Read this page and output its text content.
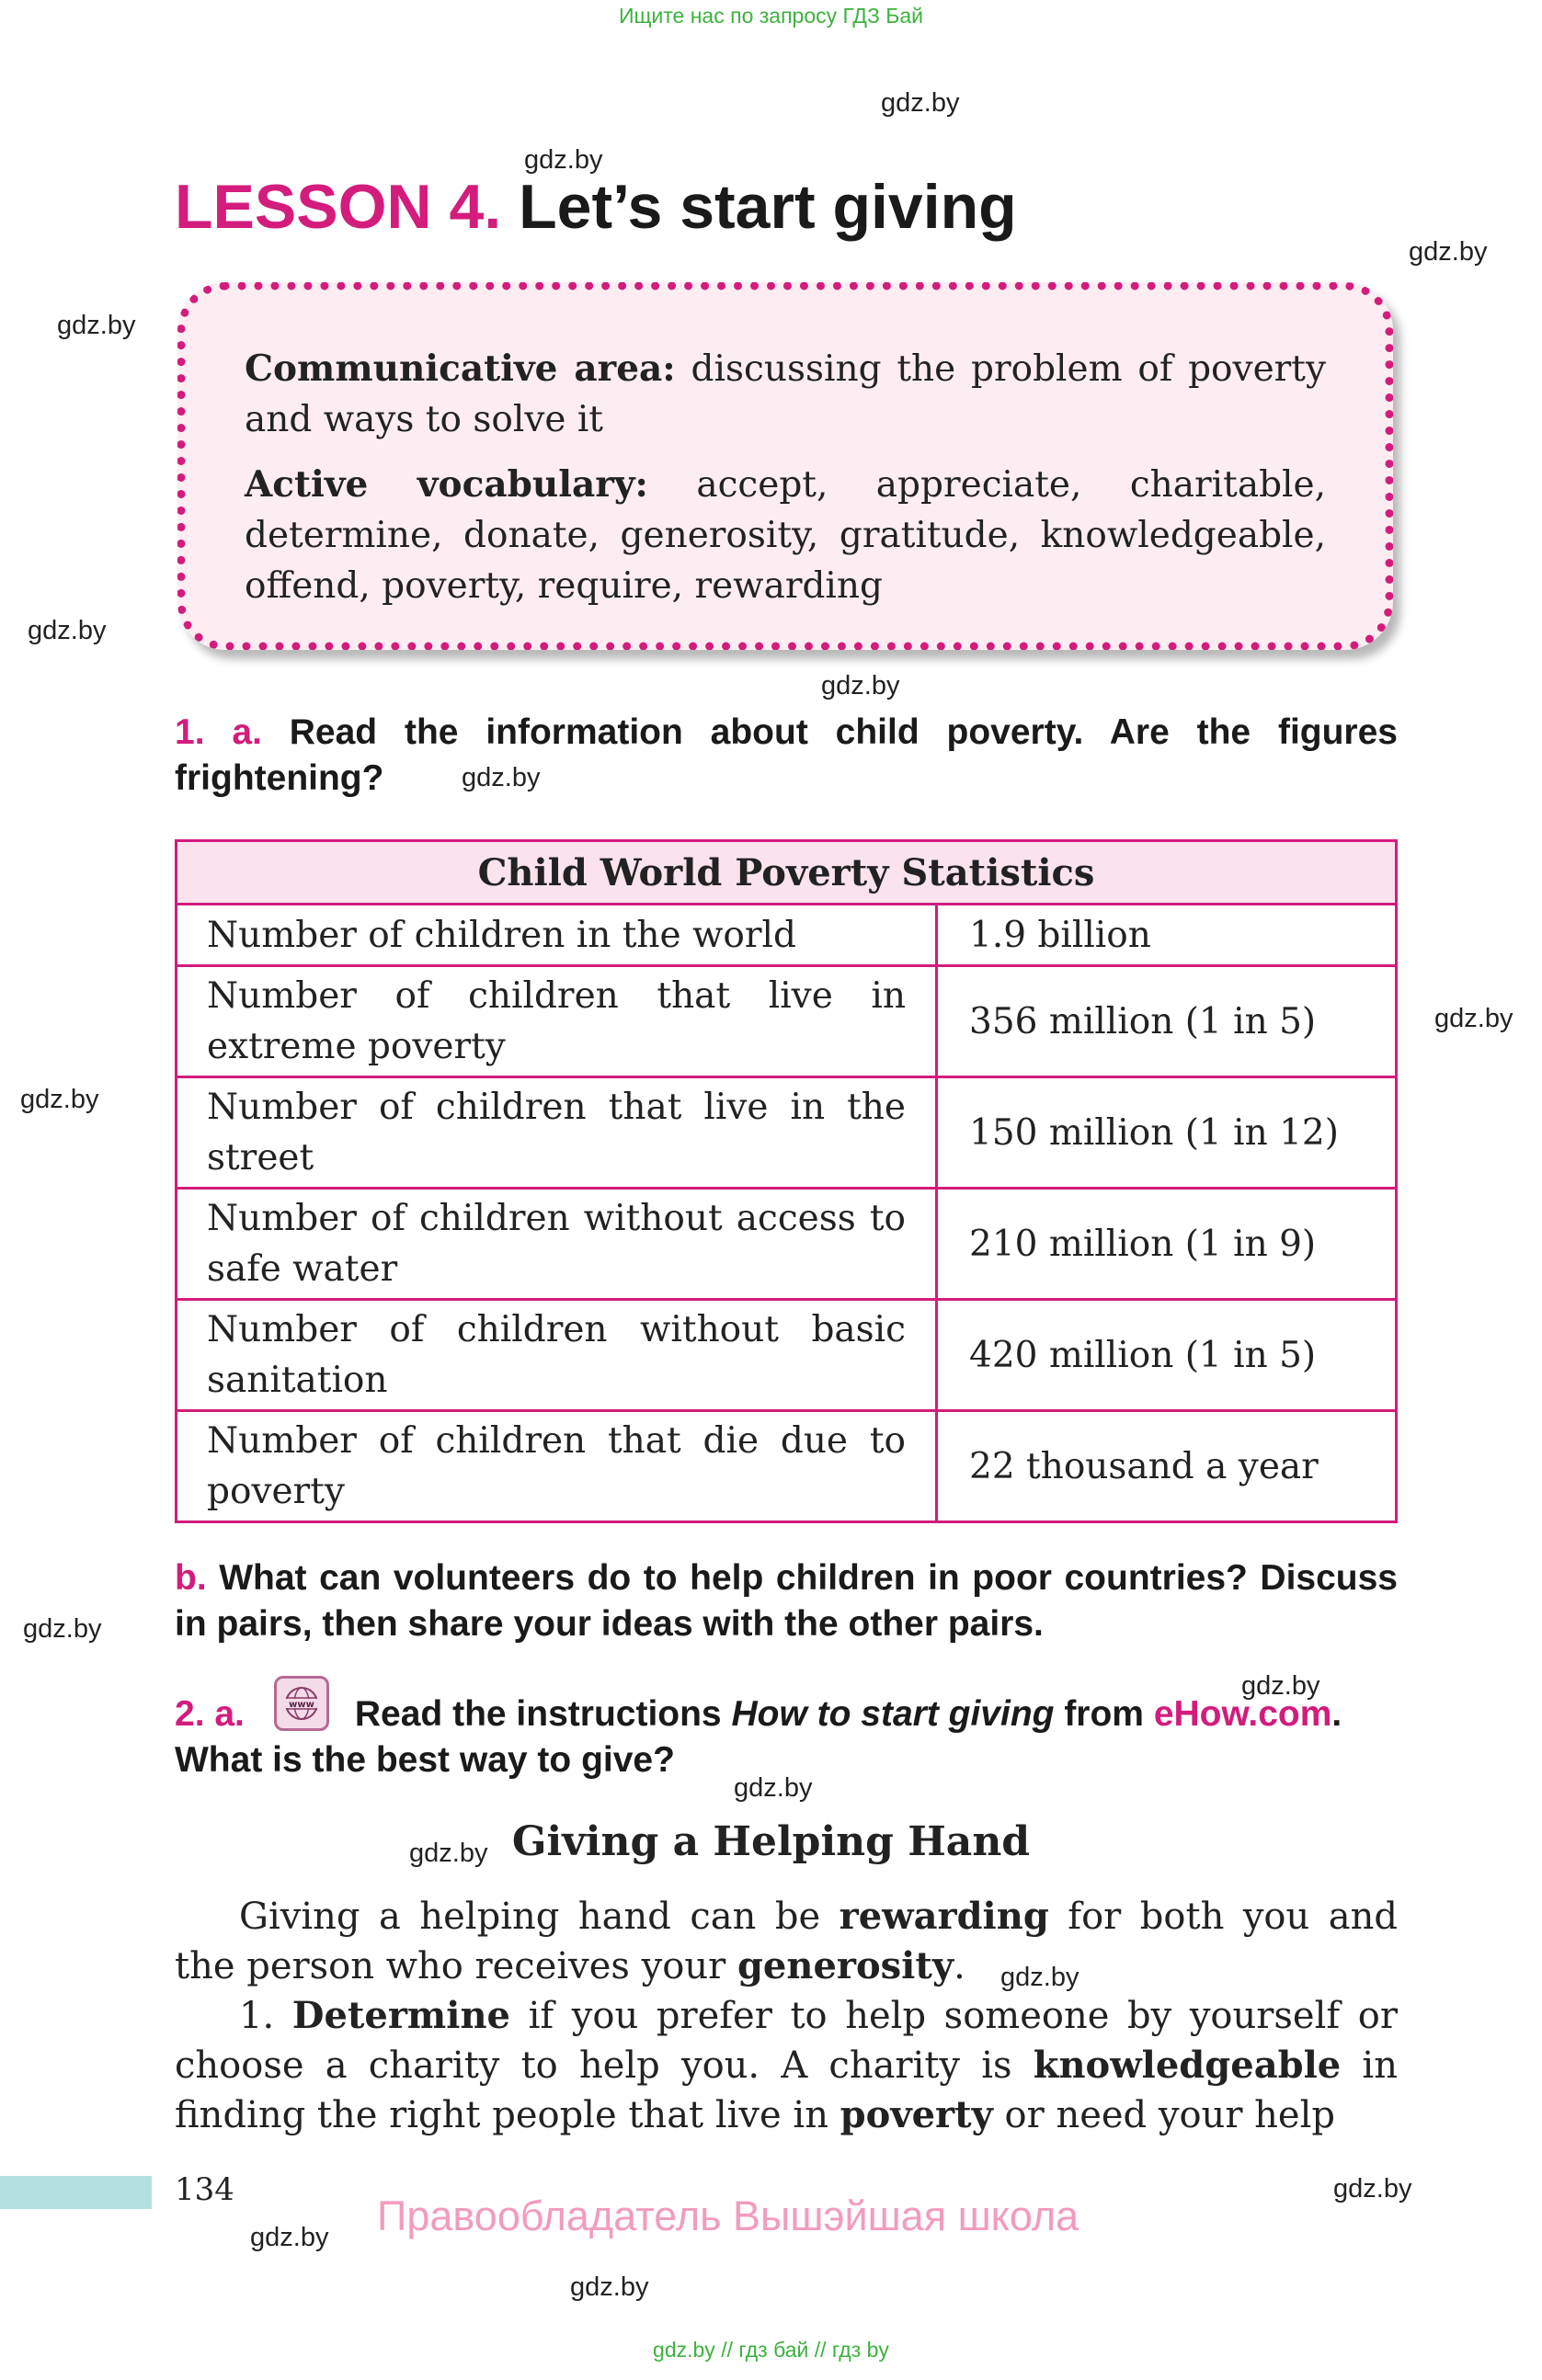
Ищите нас по запросу ГДЗ Бай
gdz.by
gdz.by
gdz.by
gdz.by
gdz.by
gdz.by
gdz.by
gdz.by
gdz.by
gdz.by
gdz.by
gdz.by
gdz.by
gdz.by
gdz.by
gdz.by
gdz.by
LESSON 4. Let’s start giving

Communicative area: discussing the problem of poverty and ways to solve it

Active vocabulary: accept, appreciate, charitable, determine, donate, generosity, gratitude, knowledgeable, offend, poverty, require, rewarding

1. a. Read the information about child poverty. Are the figures frightening?
Child World Poverty Statistics	
Number of children in the world	1.9 billion
Number of children that live in extreme poverty	356 million (1 in 5)
Number of children that live in the street	150 million (1 in 12)
Number of children without access to safe water	210 million (1 in 9)
Number of children without basic sanitation	420 million (1 in 5)
Number of children that die due to poverty	22 thousand a year
b. What can volunteers do to help children in poor countries? Discuss in pairs, then share your ideas with the other pairs.
2. a.	Read the instructions How to start giving from eHow.com. What is the best way to give?
www
Giving a Helping Hand

Giving a helping hand can be rewarding for both you and the person who receives your generosity.

1. Determine if you prefer to help someone by yourself or choose a charity to help you. A charity is knowledgeable in finding the right people that live in poverty or need your help

134
Правообладатель Вышэйшая школа
gdz.by // гдз бай // гдз by
